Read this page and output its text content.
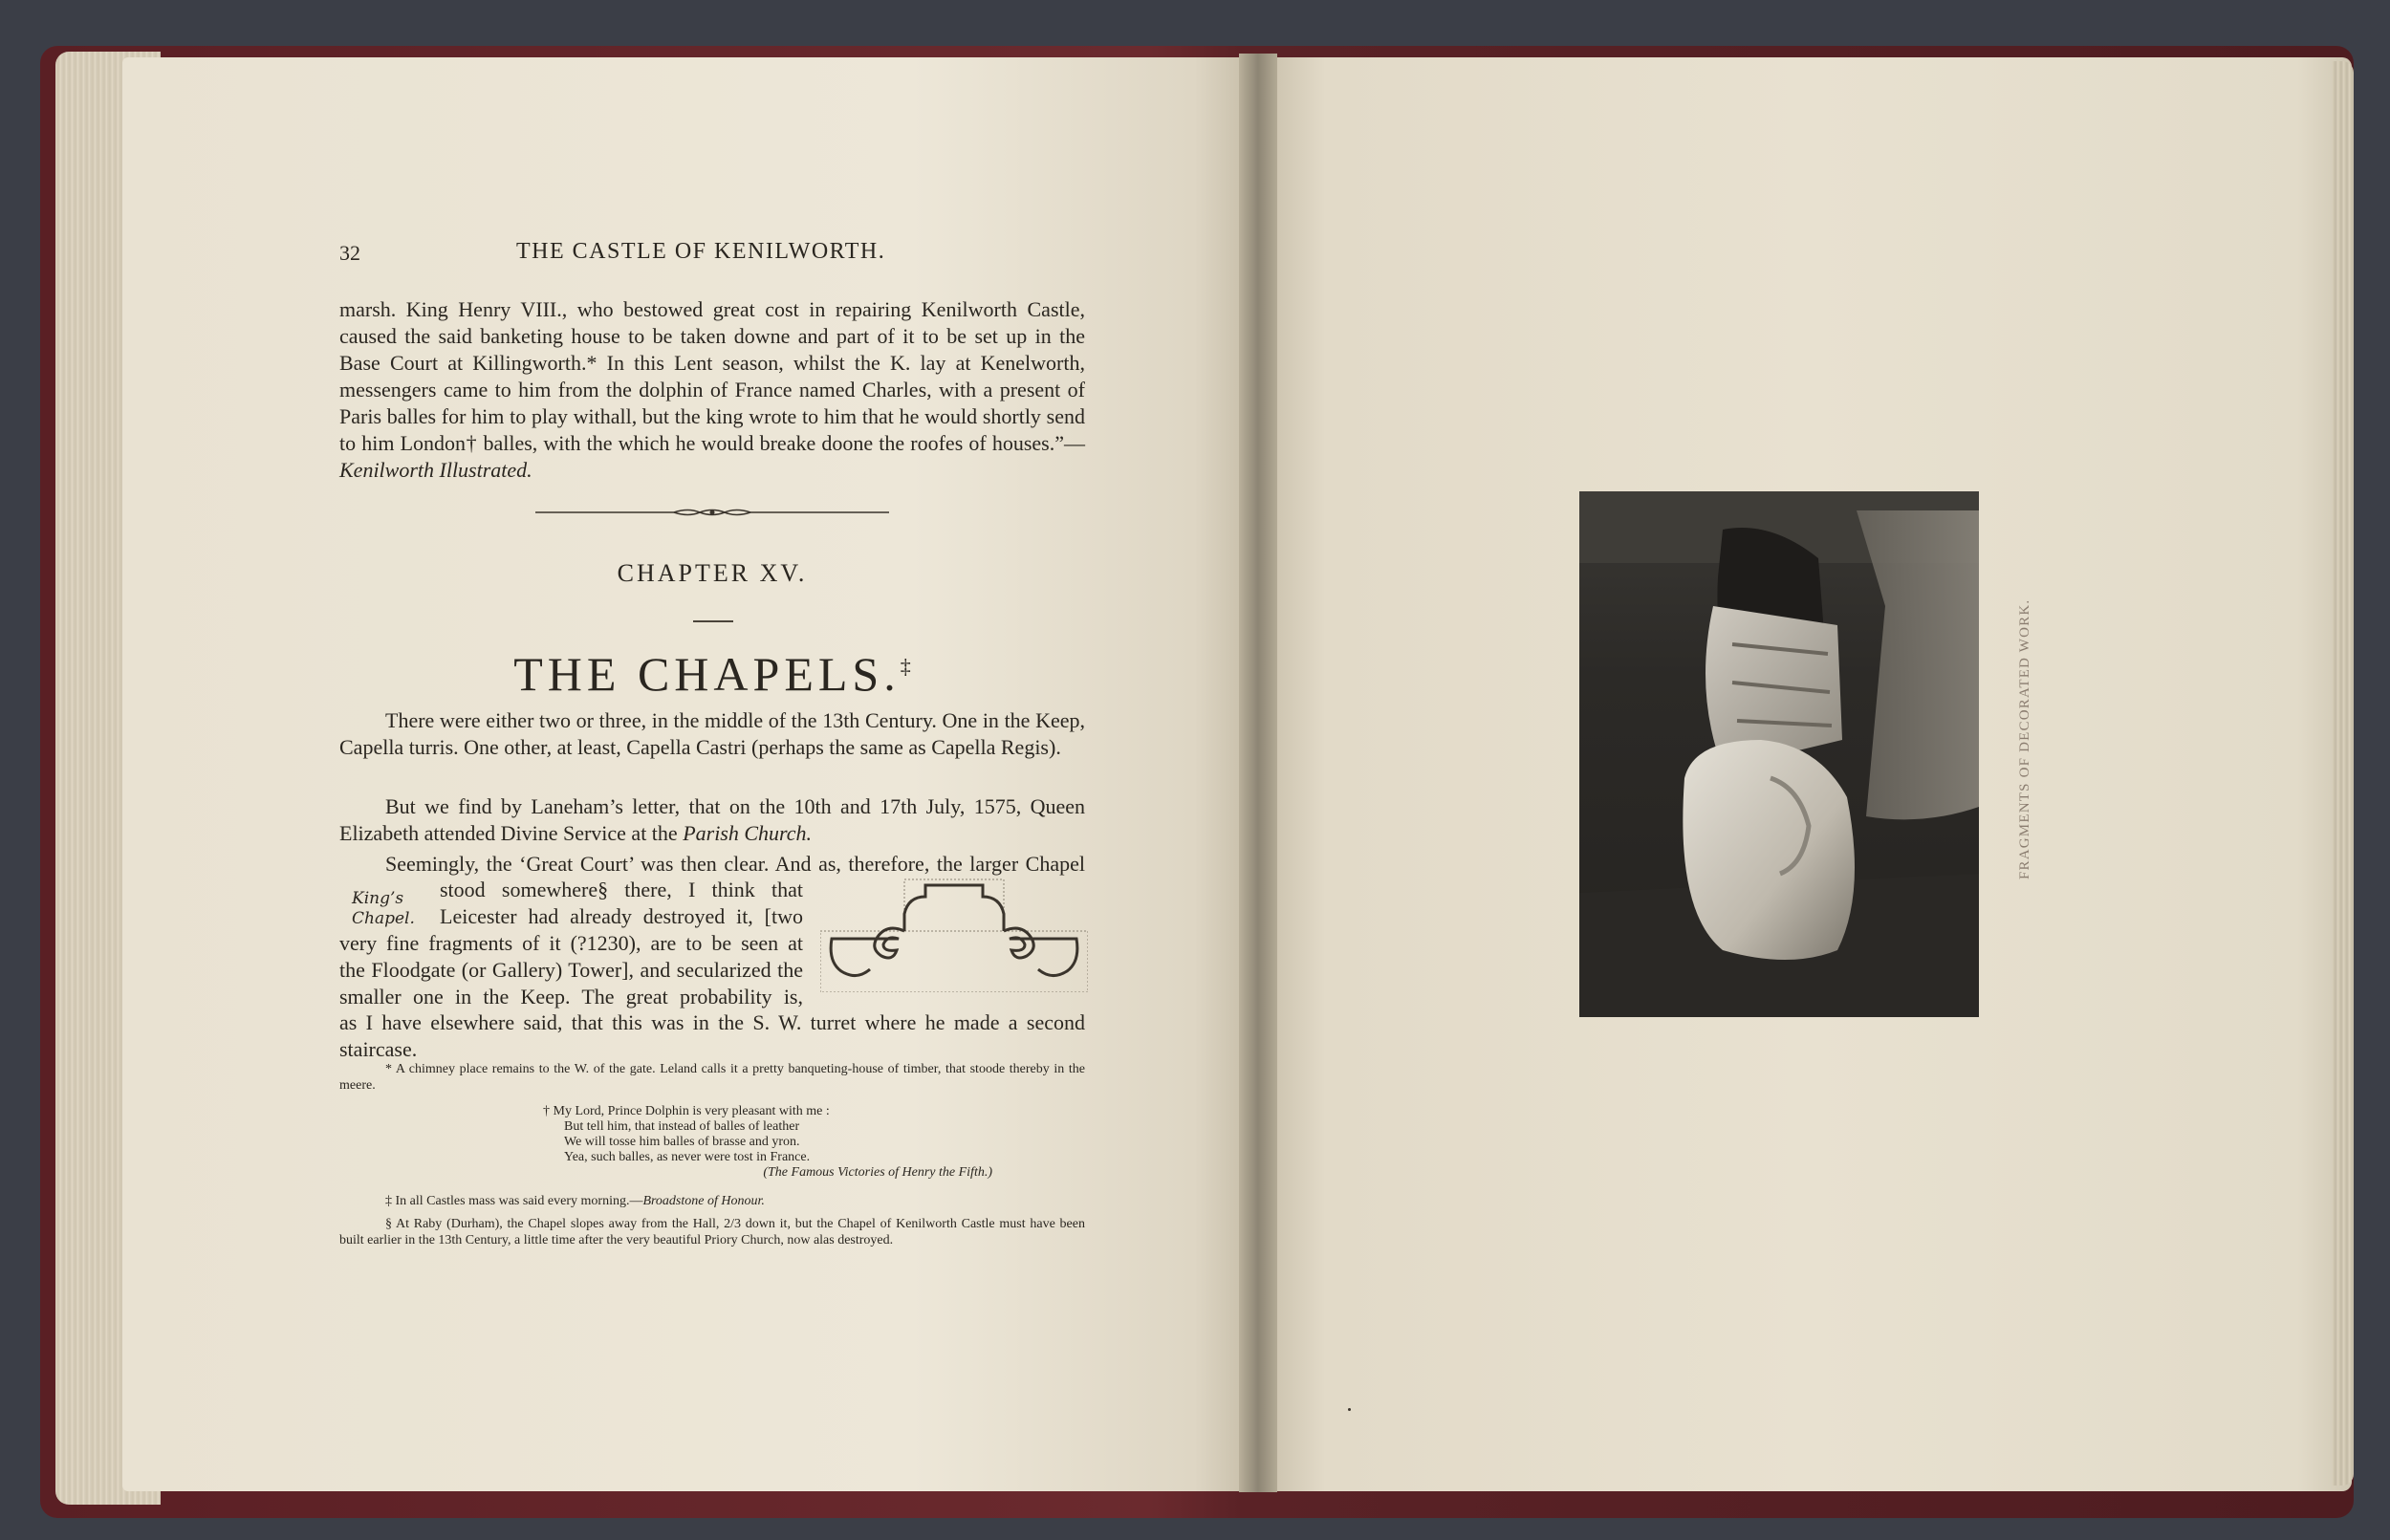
32	THE CASTLE OF KENILWORTH.

marsh. King Henry VIII., who bestowed great cost in repairing Kenilworth Castle,

caused the said banketing house to be taken downe and part of it to be set up in the

Base Court at Killingworth.* In this Lent season, whilst the K. lay at Kenelworth,

messengers came to him from the dolphin of France named Charles, with a present of

Paris balles for him to play withall, but the king wrote to him that he would shortly send

to him London† balles, with the which he would breake doone the roofes of houses.”—

Kenilworth Illustrated.

CHAPTER XV.
THE CHAPELS.‡

There were either two or three, in the middle of the 13th Century. One in the Keep, Capella turris. One other, at least, Capella Castri (perhaps the same as Capella Regis).

But we find by Laneham’s letter, that on the 10th and 17th July, 1575, Queen Elizabeth attended Divine Service at the Parish Church.

Seemingly, the ‘Great Court’ was then clear. And as, therefore, the larger Chapel

King’s
Chapel.

stood somewhere§ there, I think that

Leicester had already destroyed it, [two

very fine fragments of it (?1230), are to be seen at

the Floodgate (or Gallery) Tower], and secularized the

smaller one in the Keep. The great probability is,

as I have elsewhere said, that this was in the S. W. turret where he made a second staircase.

* A chimney place remains to the W. of the gate. Leland calls it a pretty banqueting-house of timber, that stoode thereby in the meere.

† My Lord, Prince Dolphin is very pleasant with me :

But tell him, that instead of balles of leather

We will tosse him balles of brasse and yron.

Yea, such balles, as never were tost in France.

(The Famous Victories of Henry the Fifth.)

‡ In all Castles mass was said every morning.—Broadstone of Honour.

§ At Raby (Durham), the Chapel slopes away from the Hall, 2/3 down it, but the Chapel of Kenilworth Castle must have been built earlier in the 13th Century, a little time after the very beautiful Priory Church, now alas destroyed.

FRAGMENTS OF DECORATED WORK.
